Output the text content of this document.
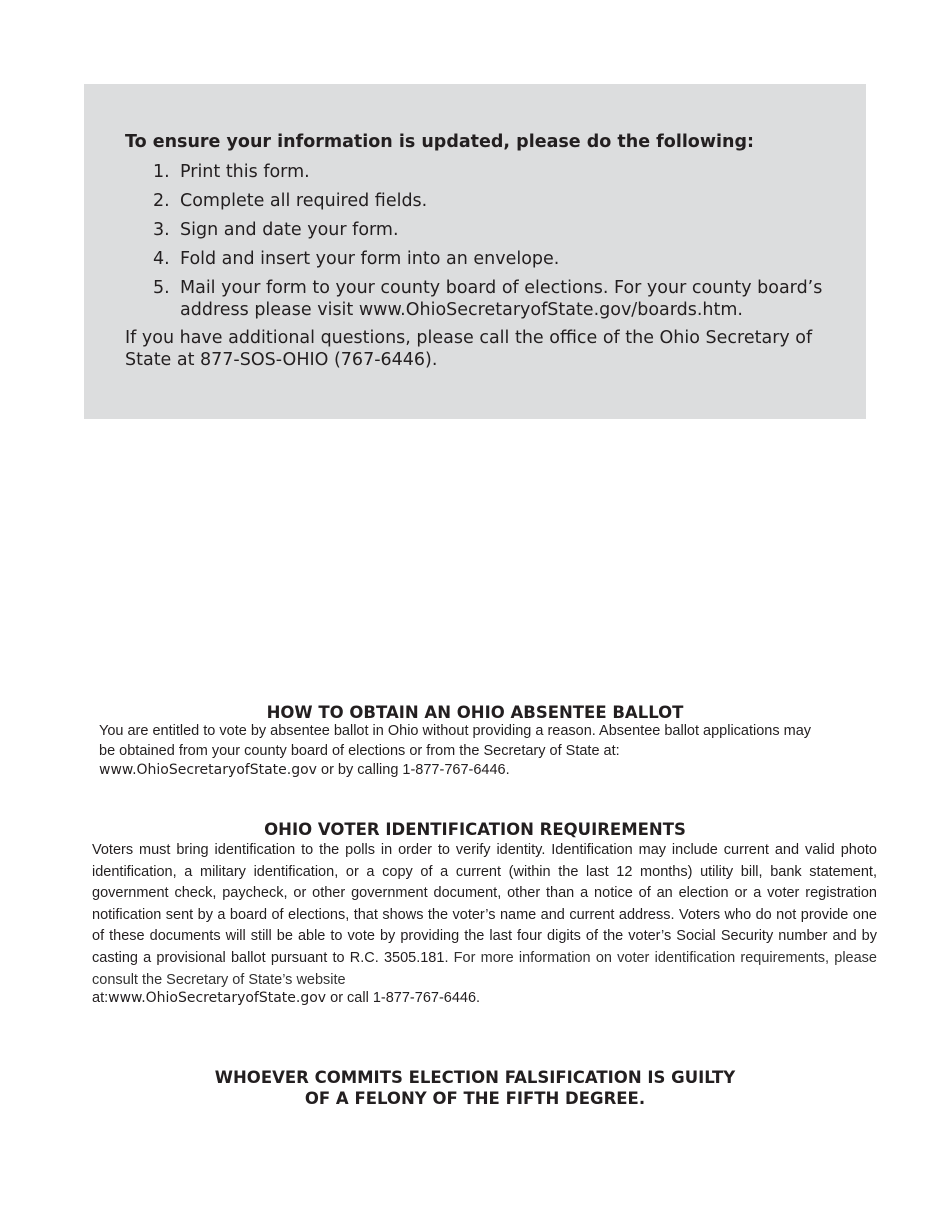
To ensure your information is updated, please do the following:
1. Print this form.
2. Complete all required fields.
3. Sign and date your form.
4. Fold and insert your form into an envelope.
5. Mail your form to your county board of elections. For your county board’s address please visit www.OhioSecretaryofState.gov/boards.htm.
If you have additional questions, please call the office of the Ohio Secretary of State at 877-SOS-OHIO (767-6446).
HOW TO OBTAIN AN OHIO ABSENTEE BALLOT
You are entitled to vote by absentee ballot in Ohio without providing a reason. Absentee ballot applications may
be obtained from your county board of elections or from the Secretary of State at:
www.OhioSecretaryofState.gov or by calling 1-877-767-6446.
OHIO VOTER IDENTIFICATION REQUIREMENTS
Voters must bring identification to the polls in order to verify identity. Identification may include current and valid photo identification, a military identification, or a copy of a current (within the last 12 months) utility bill, bank statement, government check, paycheck, or other government document, other than a notice of an election or a voter registration notification sent by a board of elections, that shows the voter’s name and current address. Voters who do not provide one of these documents will still be able to vote by providing the last four digits of the voter’s Social Security number and by casting a provisional ballot pursuant to R.C. 3505.181. For more information on voter identification requirements, please consult the Secretary of State’s website
at:www.OhioSecretaryofState.gov or call 1-877-767-6446.
WHOEVER COMMITS ELECTION FALSIFICATION IS GUILTY
OF A FELONY OF THE FIFTH DEGREE.
